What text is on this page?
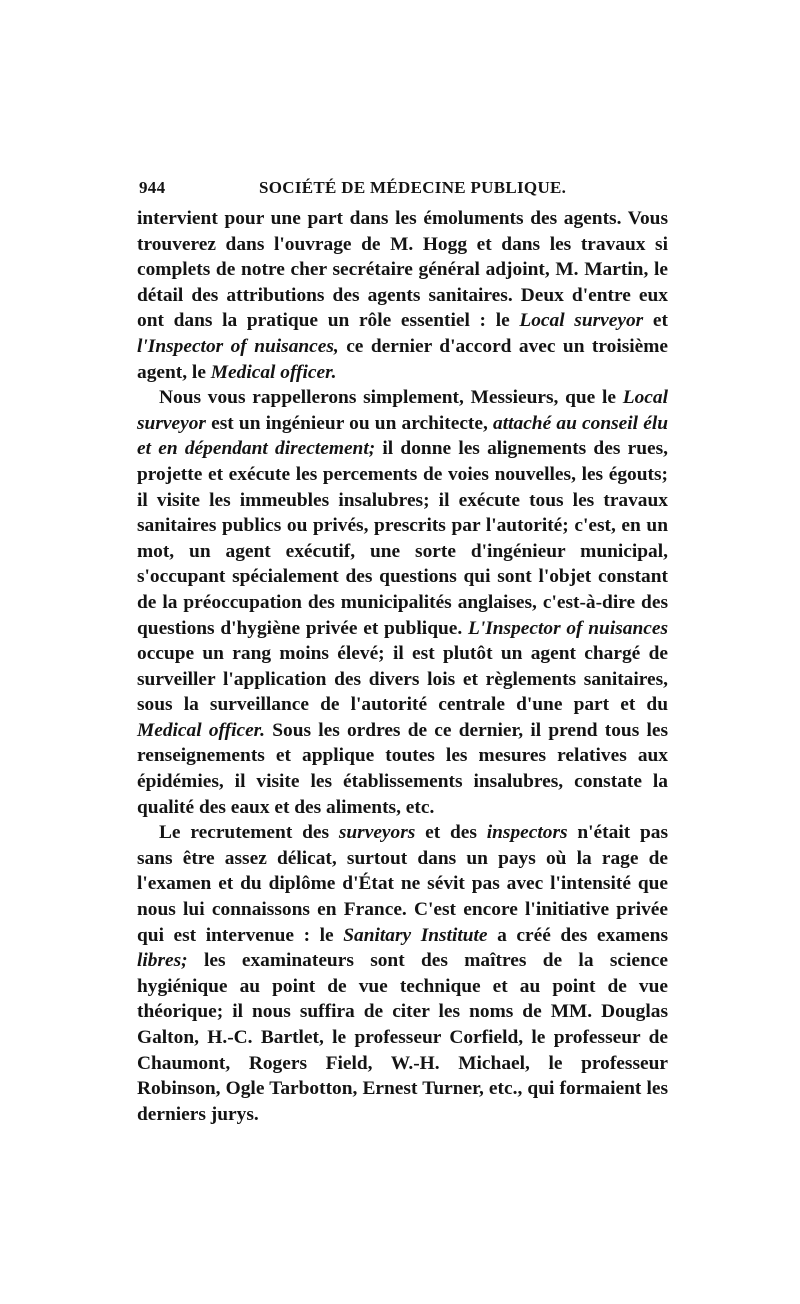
944	SOCIÉTÉ DE MÉDECINE PUBLIQUE.

intervient pour une part dans les émoluments des agents. Vous trouverez dans l'ouvrage de M. Hogg et dans les travaux si complets de notre cher secrétaire général adjoint, M. Martin, le détail des attributions des agents sanitaires. Deux d'entre eux ont dans la pratique un rôle essentiel : le Local surveyor et l'Inspector of nuisances, ce dernier d'accord avec un troisième agent, le Medical officer.

Nous vous rappellerons simplement, Messieurs, que le Local surveyor est un ingénieur ou un architecte, attaché au conseil élu et en dépendant directement; il donne les alignements des rues, projette et exécute les percements de voies nouvelles, les égouts; il visite les immeubles insalubres; il exécute tous les travaux sanitaires publics ou privés, prescrits par l'autorité; c'est, en un mot, un agent exécutif, une sorte d'ingénieur municipal, s'occupant spécialement des questions qui sont l'objet constant de la préoccupation des municipalités anglaises, c'est-à-dire des questions d'hygiène privée et publique. L'Inspector of nuisances occupe un rang moins élevé; il est plutôt un agent chargé de surveiller l'application des divers lois et règlements sanitaires, sous la surveillance de l'autorité centrale d'une part et du Medical officer. Sous les ordres de ce dernier, il prend tous les renseignements et applique toutes les mesures relatives aux épidémies, il visite les établissements insalubres, constate la qualité des eaux et des aliments, etc.

Le recrutement des surveyors et des inspectors n'était pas sans être assez délicat, surtout dans un pays où la rage de l'examen et du diplôme d'État ne sévit pas avec l'intensité que nous lui connaissons en France. C'est encore l'initiative privée qui est intervenue : le Sanitary Institute a créé des examens libres; les examinateurs sont des maîtres de la science hygiénique au point de vue technique et au point de vue théorique; il nous suffira de citer les noms de MM. Douglas Galton, H.-C. Bartlet, le professeur Corfield, le professeur de Chaumont, Rogers Field, W.-H. Michael, le professeur Robinson, Ogle Tarbotton, Ernest Turner, etc., qui formaient les derniers jurys.
